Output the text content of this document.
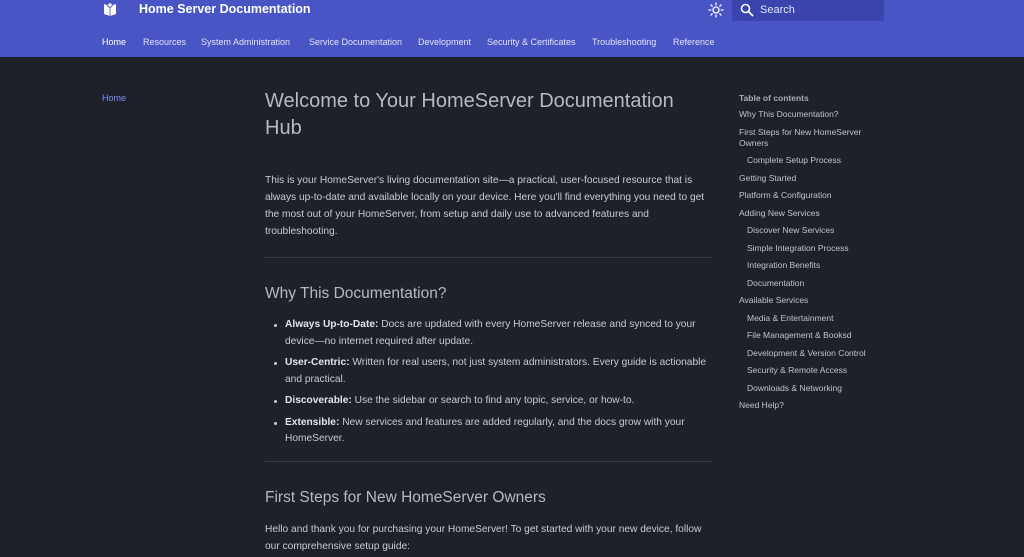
Home Server Documentation	Search
Home Resources System Administration Service Documentation Development Security & Certificates Troubleshooting Reference
Home	Welcome to Your HomeServer Documentation Hub

This is your HomeServer's living documentation site—a practical, user-focused resource that is always up-to-date and available locally on your device. Here you'll find everything you need to get the most out of your HomeServer, from setup and daily use to advanced features and troubleshooting.

Why This Documentation?
Always Up-to-Date: Docs are updated with every HomeServer release and synced to your device—no internet required after update.
User-Centric: Written for real users, not just system administrators. Every guide is actionable and practical.
Discoverable: Use the sidebar or search to find any topic, service, or how-to.
Extensible: New services and features are added regularly, and the docs grow with your HomeServer.
First Steps for New HomeServer Owners

Hello and thank you for purchasing your HomeServer! To get started with your new device, follow our comprehensive setup guide:

Table of contents
Why This Documentation?
First Steps for New HomeServer Owners
Complete Setup Process
Getting Started
Platform & Configuration
Adding New Services
Discover New Services
Simple Integration Process
Integration Benefits
Documentation
Available Services
Media & Entertainment
File Management & Booksd
Development & Version Control
Security & Remote Access
Downloads & Networking
Need Help?
